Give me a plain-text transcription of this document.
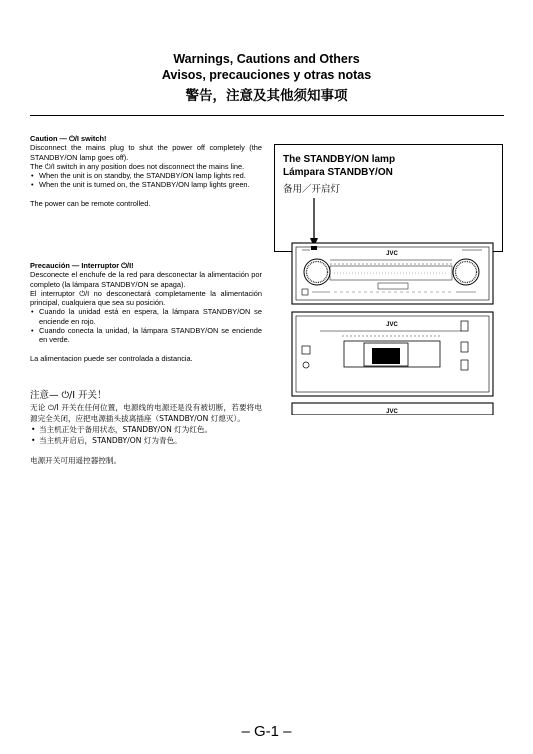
Warnings, Cautions and Others
Avisos, precauciones y otras notas
警告，注意及其他须知事项

Caution — ⏻/I switch!

Disconnect the mains plug to shut the power off completely (the STANDBY/ON lamp goes off).

The ⏻/I switch in any position does not disconnect the mains line.

• When the unit is on standby, the STANDBY/ON lamp lights red.
• When the unit is turned on, the STANDBY/ON lamp lights green.

The power can be remote controlled.

Precaución — Interruptor ⏻/I!

Desconecte el enchufe de la red para desconectar la alimentación por completo (la lámpara STANDBY/ON se apaga).

El interruptor ⏻/I no desconectará completamente la alimentación principal, cualquiera que sea su posición.

• Cuando la unidad está en espera, la lámpara STANDBY/ON se enciende en rojo.
• Cuando conecta la unidad, la lámpara STANDBY/ON se enciende en verde.

La alimentacion puede ser controlada a distancia.

注意— ⏻/I 开关！

无论 ⏻/I 开关在任何位置，电源线的电源还是没有被切断，若要将电源完全关闭，应把电源插头拔离插座（STANDBY/ON 灯熄灭）。

• 当主机正处于备用状态，STANDBY/ON 灯为红色。
• 当主机开启后，STANDBY/ON 灯为青色。

电源开关可用遥控器控制。

The STANDBY/ON lamp
Lámpara STANDBY/ON
备用／开启灯
JVC
JVC
JVC
– G-1 –
